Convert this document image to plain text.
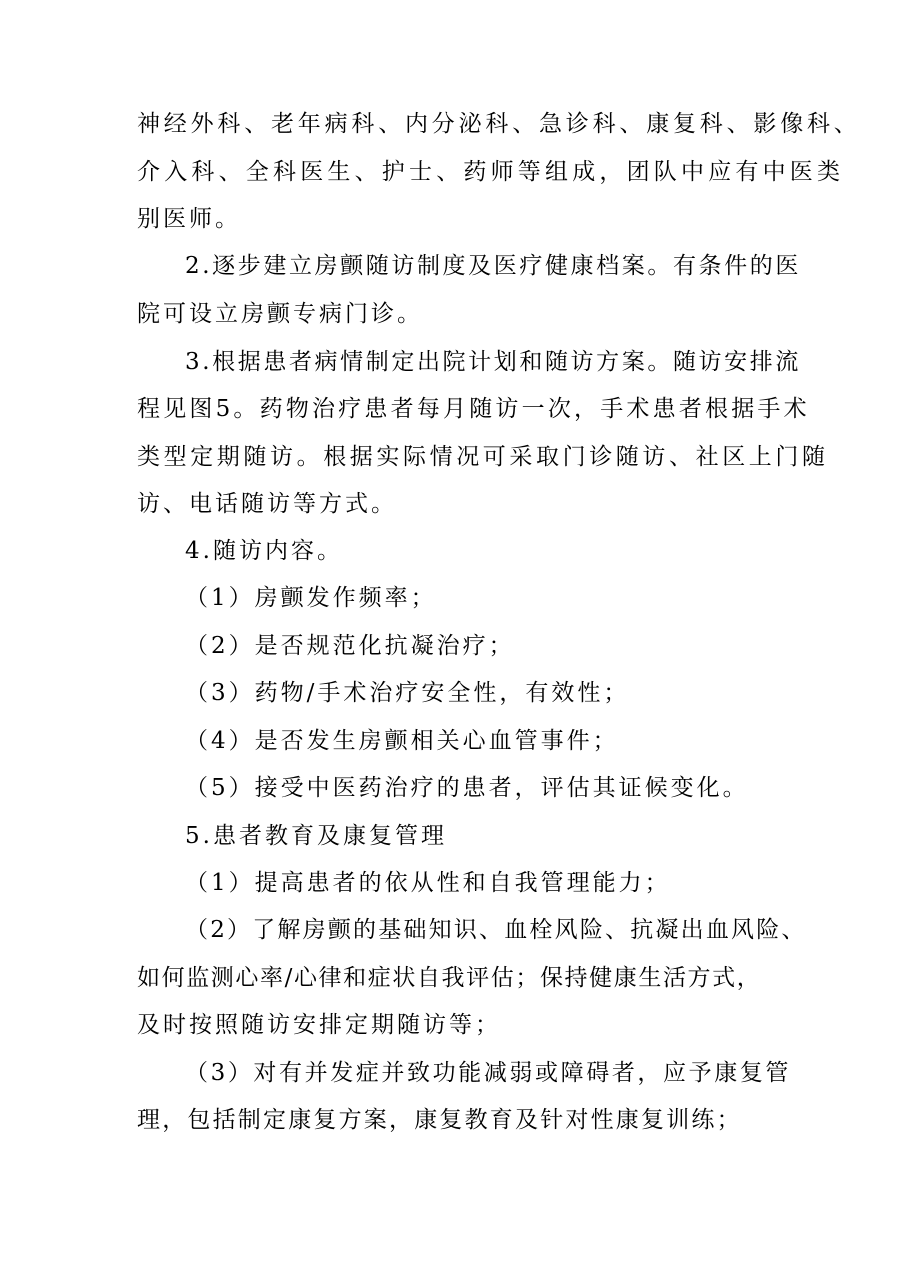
神经外科、老年病科、内分泌科、急诊科、康复科、影像科、

介入科、全科医生、护士、药师等组成，团队中应有中医类

别医师。

2.逐步建立房颤随访制度及医疗健康档案。有条件的医

院可设立房颤专病门诊。

3.根据患者病情制定出院计划和随访方案。随访安排流

程见图5。药物治疗患者每月随访一次，手术患者根据手术

类型定期随访。根据实际情况可采取门诊随访、社区上门随

访、电话随访等方式。

4.随访内容。

（1）房颤发作频率；

（2）是否规范化抗凝治疗；

（3）药物/手术治疗安全性，有效性；

（4）是否发生房颤相关心血管事件；

（5）接受中医药治疗的患者，评估其证候变化。

5.患者教育及康复管理

（1）提高患者的依从性和自我管理能力；

（2）了解房颤的基础知识、血栓风险、抗凝出血风险、

如何监测心率/心律和症状自我评估；保持健康生活方式，

及时按照随访安排定期随访等；

（3）对有并发症并致功能减弱或障碍者，应予康复管

理，包括制定康复方案，康复教育及针对性康复训练；
